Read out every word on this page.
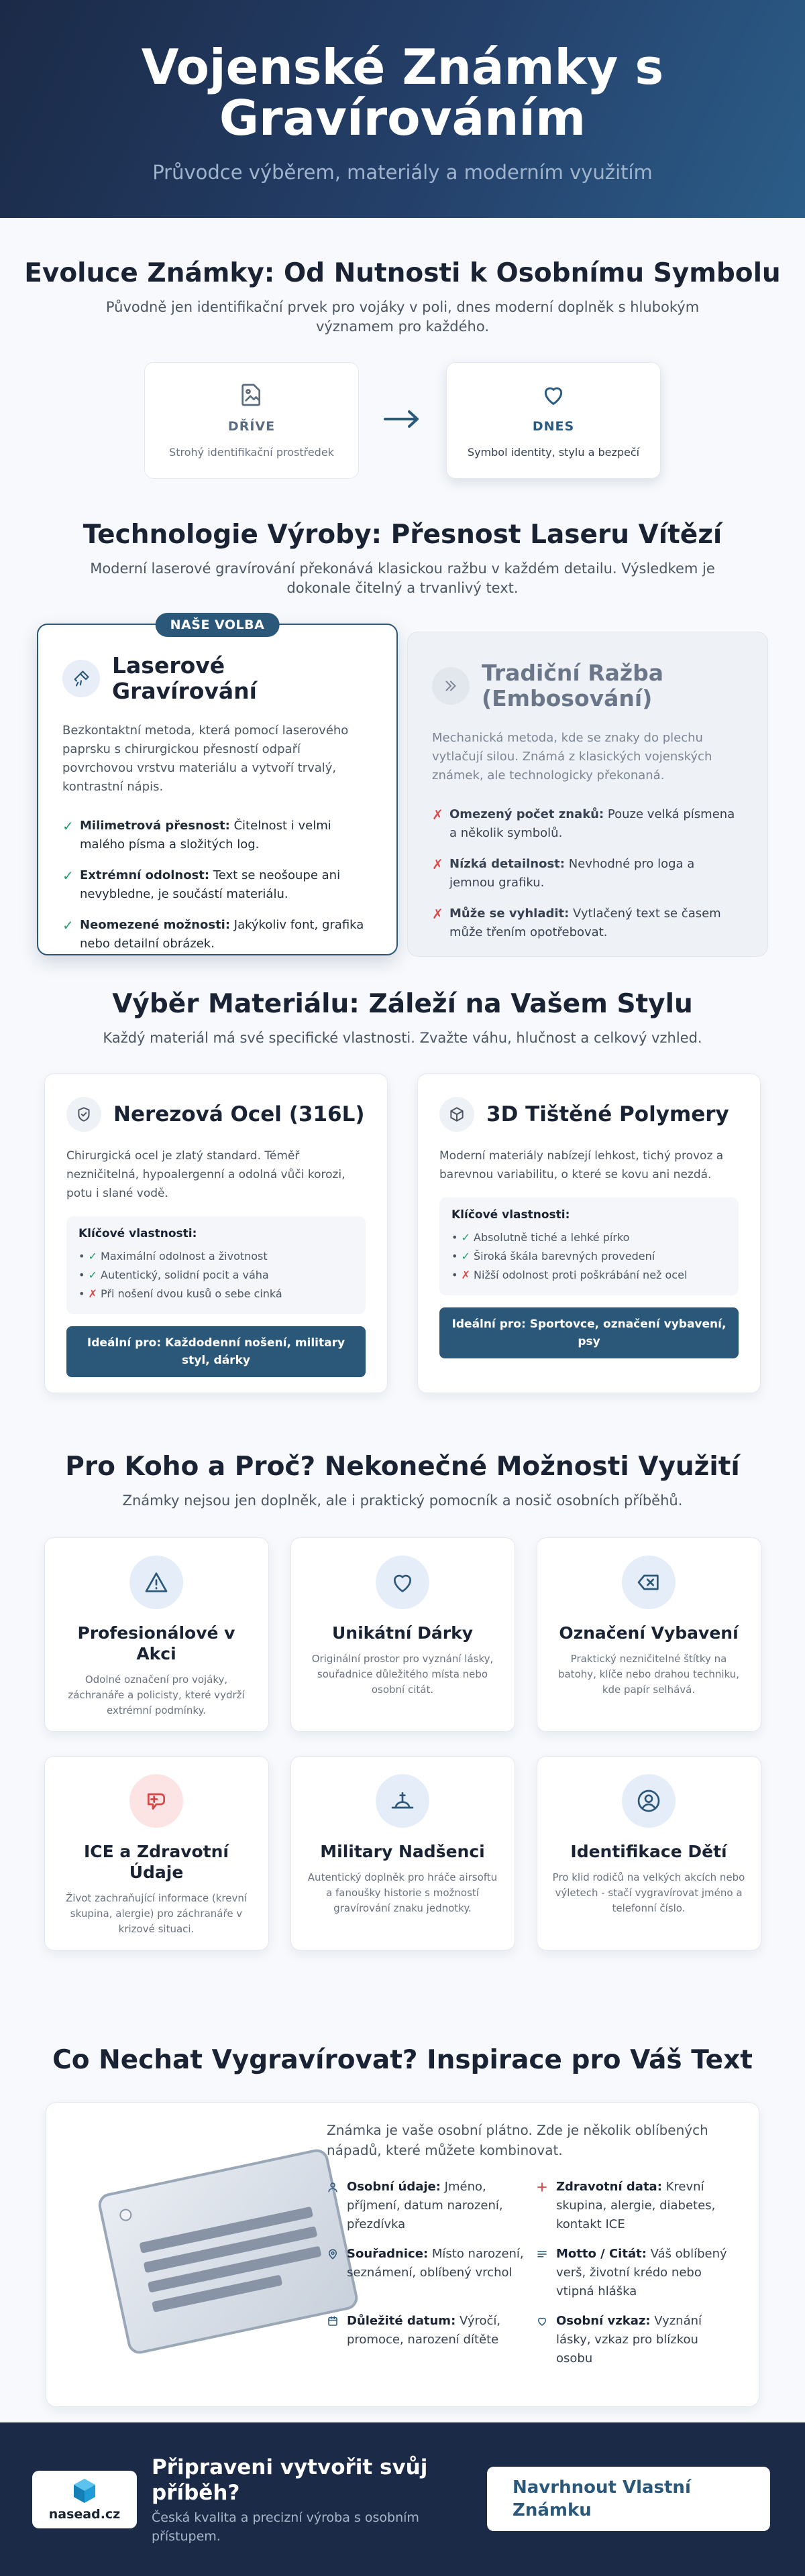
Vojenské Známky s
Gravírováním
Průvodce výběrem, materiály a moderním využitím
Evoluce Známky: Od Nutnosti k Osobnímu Symbolu

Původně jen identifikační prvek pro vojáky v poli, dnes moderní doplněk s hlubokým
významem pro každého.

DŘÍVE
Strohý identifikační prostředek
DNES
Symbol identity, stylu a bezpečí
Technologie Výroby: Přesnost Laseru Vítězí

Moderní laserové gravírování překonává klasickou ražbu v každém detailu. Výsledkem je
dokonale čitelný a trvanlivý text.

NAŠE VOLBA
Laserové Gravírování

Bezkontaktní metoda, která pomocí laserového paprsku s chirurgickou přesností odpaří povrchovou vrstvu materiálu a vytvoří trvalý, kontrastní nápis.

✓ Milimetrová přesnost: Čitelnost i velmi malého písma a složitých log.
✓ Extrémní odolnost: Text se neošoupe ani nevybledne, je součástí materiálu.
✓ Neomezené možnosti: Jakýkoliv font, grafika nebo detailní obrázek.
Tradiční Ražba
(Embosování)

Mechanická metoda, kde se znaky do plechu vytlačují silou. Známá z klasických vojenských známek, ale technologicky překonaná.

✗ Omezený počet znaků: Pouze velká písmena a několik symbolů.
✗ Nízká detailnost: Nevhodné pro loga a jemnou grafiku.
✗ Může se vyhladit: Vytlačený text se časem může třením opotřebovat.
Výběr Materiálu: Záleží na Vašem Stylu

Každý materiál má své specifické vlastnosti. Zvažte váhu, hlučnost a celkový vzhled.

Nerezová Ocel (316L)

Chirurgická ocel je zlatý standard. Téměř nezničitelná, hypoalergenní a odolná vůči korozi, potu i slané vodě.

Klíčové vlastnosti:
• ✓ Maximální odolnost a životnost
• ✓ Autentický, solidní pocit a váha
• ✗ Při nošení dvou kusů o sebe cinká
Ideální pro: Každodenní nošení, military styl, dárky
3D Tištěné Polymery

Moderní materiály nabízejí lehkost, tichý provoz a barevnou variabilitu, o které se kovu ani nezdá.

Klíčové vlastnosti:
• ✓ Absolutně tiché a lehké pírko
• ✓ Široká škála barevných provedení
• ✗ Nižší odolnost proti poškrábání než ocel
Ideální pro: Sportovce, označení vybavení, psy
Pro Koho a Proč? Nekonečné Možnosti Využití

Známky nejsou jen doplněk, ale i praktický pomocník a nosič osobních příběhů.

Profesionálové v Akci
Odolné označení pro vojáky, záchranáře a policisty, které vydrží extrémní podmínky.
Unikátní Dárky
Originální prostor pro vyznání lásky, souřadnice důležitého místa nebo osobní citát.
Označení Vybavení
Praktický nezničitelné štítky na batohy, klíče nebo drahou techniku, kde papír selhává.
ICE a Zdravotní Údaje
Život zachraňující informace (krevní skupina, alergie) pro záchranáře v krizové situaci.
Military Nadšenci
Autentický doplněk pro hráče airsoftu a fanoušky historie s možností gravírování znaku jednotky.
Identifikace Dětí
Pro klid rodičů na velkých akcích nebo výletech - stačí vygravírovat jméno a telefonní číslo.
Co Nechat Vygravírovat? Inspirace pro Váš Text

Známka je vaše osobní plátno. Zde je několik oblíbených nápadů, které můžete kombinovat.

Osobní údaje: Jméno, příjmení, datum narození, přezdívka
Zdravotní data: Krevní skupina, alergie, diabetes, kontakt ICE
Souřadnice: Místo narození, seznámení, oblíbený vrchol
Motto / Citát: Váš oblíbený verš, životní krédo nebo vtipná hláška
Důležité datum: Výročí, promoce, narození dítěte
Osobní vzkaz: Vyznání lásky, vzkaz pro blízkou osobu
nasead.cz
Připraveni vytvořit svůj příběh?
Česká kvalita a precizní výroba s osobním přístupem.
Navrhnout Vlastní Známku
